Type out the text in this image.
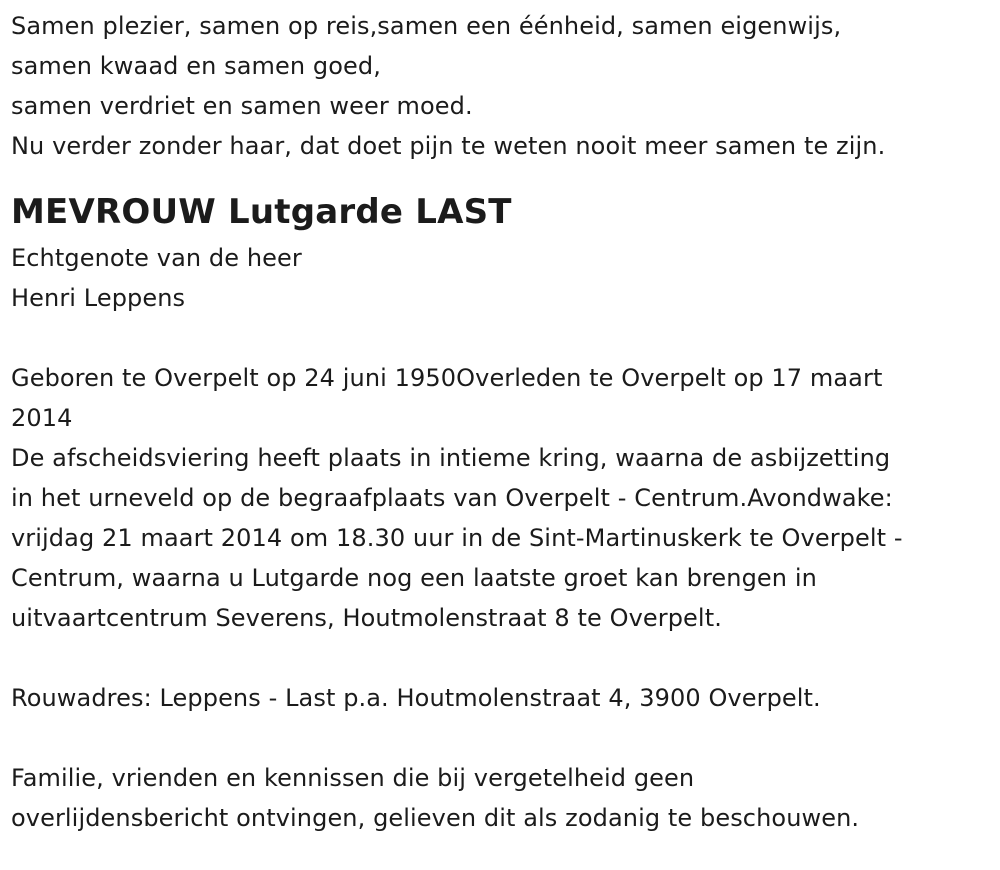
Samen plezier, samen op reis,samen een éénheid, samen eigenwijs,
samen kwaad en samen goed,
samen verdriet en samen weer moed.
Nu verder zonder haar, dat doet pijn te weten nooit meer samen te zijn.
MEVROUW Lutgarde LAST
Echtgenote van de heer
Henri Leppens
Geboren te Overpelt op 24 juni 1950Overleden te Overpelt op 17 maart
2014
De afscheidsviering heeft plaats in intieme kring, waarna de asbijzetting
in het urneveld op de begraafplaats van Overpelt - Centrum.Avondwake:
vrijdag 21 maart 2014 om 18.30 uur in de Sint-Martinuskerk te Overpelt -
Centrum, waarna u Lutgarde nog een laatste groet kan brengen in
uitvaartcentrum Severens, Houtmolenstraat 8 te Overpelt.
Rouwadres: Leppens - Last p.a. Houtmolenstraat 4, 3900 Overpelt.
Familie, vrienden en kennissen die bij vergetelheid geen
overlijdensbericht ontvingen, gelieven dit als zodanig te beschouwen.
